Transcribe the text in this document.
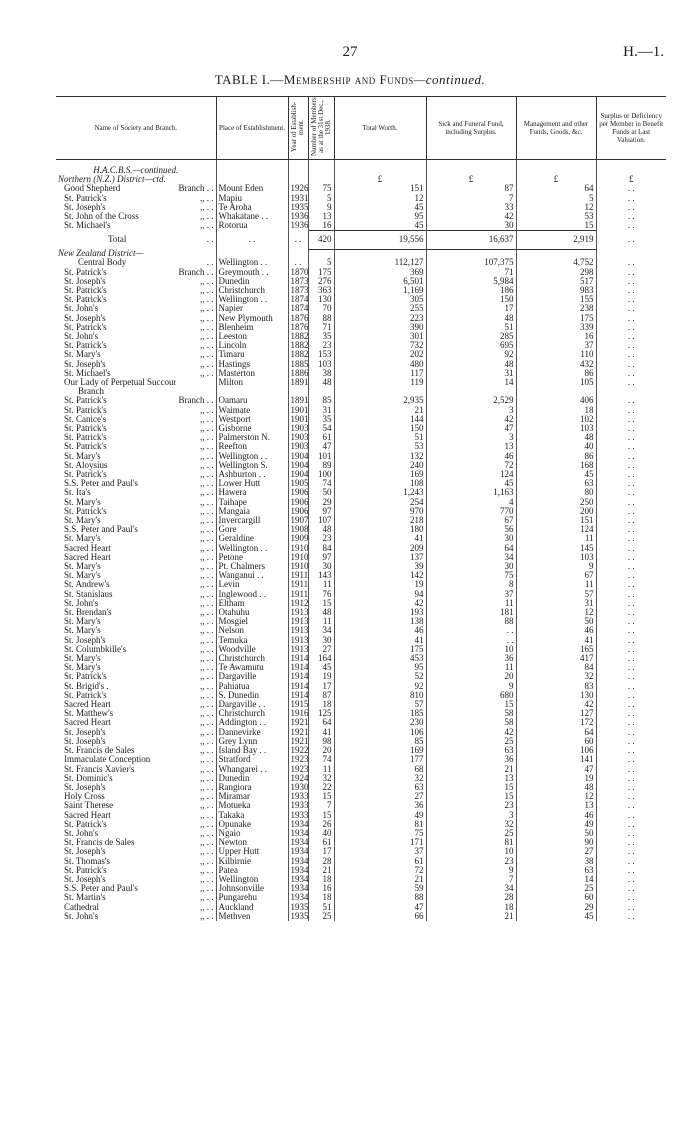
27	H.—1.
TABLE I.—Membership and Funds—continued.
Name of Society and Branch.	Place of Establishment.	Year of Establish-ment.	Number of Members as at the 31st Dec., 1938.	Total Worth.	Sick and Funeral Fund, including Surplus.	Management and other Funds, Goods, &c.	Surplus or Deficiency per Member in Benefit Funds at Last Valuation.

H.A.C.B.S.—continued.							
Northern (N.Z.) District—ctd.				£	£	£	£

Good Shepherd Branch . .	Mount Eden	1926	75	151	87	64	. .

St. Patrick's ,, . .	Mapiu	1931	5	12	7	5	. .

St. Joseph's ,, . .	Te Aroha	1935	9	45	33	12	. .

St. John of the Cross ,, . .	Whakatane . .	1936	13	95	42	53	. .

St. Michael's ,, . .	Rotorua	1936	16	45	30	15	. .

Total . .	. .	. .	420	19,556	16,637	2,919	. .
New Zealand District—							

Central Body . .	Wellington . .	. .	5	112,127	107,375	4,752	. .

St. Patrick's Branch . .	Greymouth . .	1870	175	369	71	298	. .

St. Joseph's ,, . .	Dunedin	1873	276	6,501	5,984	517	. .

St. Patrick's ,, . .	Christchurch	1873	363	1,169	186	983	. .

St. Patrick's ,, . .	Wellington . .	1874	130	305	150	155	. .

St. John's ,, . .	Napier	1874	70	255	17	238	. .

St. Joseph's ,, . .	New Plymouth	1876	88	223	48	175	. .

St. Patrick's ,, . .	Blenheim	1876	71	390	51	339	. .

St. John's ,, . .	Leeston	1882	35	301	285	16	. .

St. Patrick's ,, . .	Lincoln	1882	23	732	695	37	. .

St. Mary's ,, . .	Timaru	1882	153	202	92	110	. .

St. Joseph's ,, . .	Hastings	1885	103	480	48	432	. .

St. Michael's ,, . .	Masterton	1886	38	117	31	86	. .

Our Lady of Perpetual Succour	Milton	1891	48	119	14	105	. .

Branch							

St. Patrick's Branch . .	Oamaru	1891	85	2,935	2,529	406	. .

St. Patrick's ,, . .	Waimate	1901	31	21	3	18	. .

St. Canice's ,, . .	Westport	1901	35	144	42	102	. .

St. Patrick's ,, . .	Gisborne	1903	54	150	47	103	. .

St. Patrick's ,, . .	Palmerston N.	1903	61	51	3	48	. .

St. Patrick's ,, . .	Reefton	1903	47	53	13	40	. .

St. Mary's ,, . .	Wellington . .	1904	101	132	46	86	. .

St. Aloysius ,, . .	Wellington S.	1904	89	240	72	168	. .

St. Patrick's ,, . .	Ashburton . .	1904	100	169	124	45	. .

S.S. Peter and Paul's ,, . .	Lower Hutt	1905	74	108	45	63	. .

St. Ita's ,, . .	Hawera	1906	50	1,243	1,163	80	. .

St. Mary's ,, . .	Taihape	1906	29	254	4	250	. .

St. Patrick's ,, . .	Mangaia	1906	97	970	770	200	. .

St. Mary's ,, . .	Invercargill	1907	107	218	67	151	. .

S.S. Peter and Paul's ,, . .	Gore	1908	48	180	56	124	. .

St. Mary's ,, . .	Geraldine	1909	23	41	30	11	. .

Sacred Heart ,, . .	Wellington . .	1910	84	209	64	145	. .

Sacred Heart ,, . .	Petone	1910	97	137	34	103	. .

St. Mary's ,, . .	Pt. Chalmers	1910	30	39	30	9	. .

St. Mary's ,, . .	Wanganui . .	1911	143	142	75	67	. .

St. Andrew's ,, . .	Levin	1911	11	19	8	11	. .

St. Stanislaus ,, . .	Inglewood . .	1911	76	94	37	57	. .

St. John's ,, . .	Eltham	1912	15	42	11	31	. .

St. Brendan's ,, . .	Otahuhu	1913	48	193	181	12	. .

St. Mary's ,, . .	Mosgiel	1913	11	138	88	50	. .

St. Mary's ,, . .	Nelson	1913	34	46	. .	46	. .

St. Joseph's ,, . .	Temuka	1913	30	41	. .	41	. .

St. Columbkille's ,, . .	Woodville	1913	27	175	10	165	. .

St. Mary's ,, . .	Christchurch	1914	164	453	36	417	. .

St. Mary's ,, . .	Te Awamutu	1914	45	95	11	84	. .

St. Patrick's ,, . .	Dargaville	1914	19	52	20	32	. .

St. Brigid's . ,, . .	Pahiatua	1914	17	92	9	83	. .

St. Patrick's ,, . .	S. Dunedin	1914	87	810	680	130	. .

Sacred Heart ,, . .	Dargaville . .	1915	18	57	15	42	. .

St. Matthew's ,, . .	Christchurch	1916	125	185	58	127	. .

Sacred Heart ,, . .	Addington . .	1921	64	230	58	172	. .

St. Joseph's ,, . .	Dannevirke	1921	41	106	42	64	. .

St. Joseph's ,, . .	Grey Lynn	1921	98	85	25	60	. .

St. Francis de Sales ,, . .	Island Bay . .	1922	20	169	63	106	. .

Immaculate Conception ,, . .	Stratford	1923	74	177	36	141	. .

St. Francis Xavier's ,, . .	Whangarei . .	1923	11	68	21	47	. .

St. Dominic's ,, . .	Dunedin	1924	32	32	13	19	. .

St. Joseph's ,, . .	Rangiora	1930	22	63	15	48	. .

Holy Cross ,, . .	Miramar	1933	15	27	15	12	. .

Saint Therese ,, . .	Motueka	1933	7	36	23	13	. .

Sacred Heart ,, . .	Takaka	1933	15	49	3	46	. .

St. Patrick's ,, . .	Opunake	1934	26	81	32	49	. .

St. John's ,, . .	Ngaio	1934	40	75	25	50	. .

St. Francis de Sales ,, . .	Newton	1934	61	171	81	90	. .

St. Joseph's ,, . .	Upper Hutt	1934	17	37	10	27	. .

St. Thomas's ,, . .	Kilbirnie	1934	28	61	23	38	. .

St. Patrick's ,, . .	Patea	1934	21	72	9	63	. .

St. Joseph's ,, . .	Wellington	1934	18	21	7	14	. .

S.S. Peter and Paul's ,, . .	Johnsonville	1934	16	59	34	25	. .

St. Martin's ,, . .	Pungarehu	1934	18	88	28	60	. .

Cathedral ,, . .	Auckland	1935	51	47	18	29	. .

St. John's ,, . .	Methven	1935	25	66	21	45	. .
